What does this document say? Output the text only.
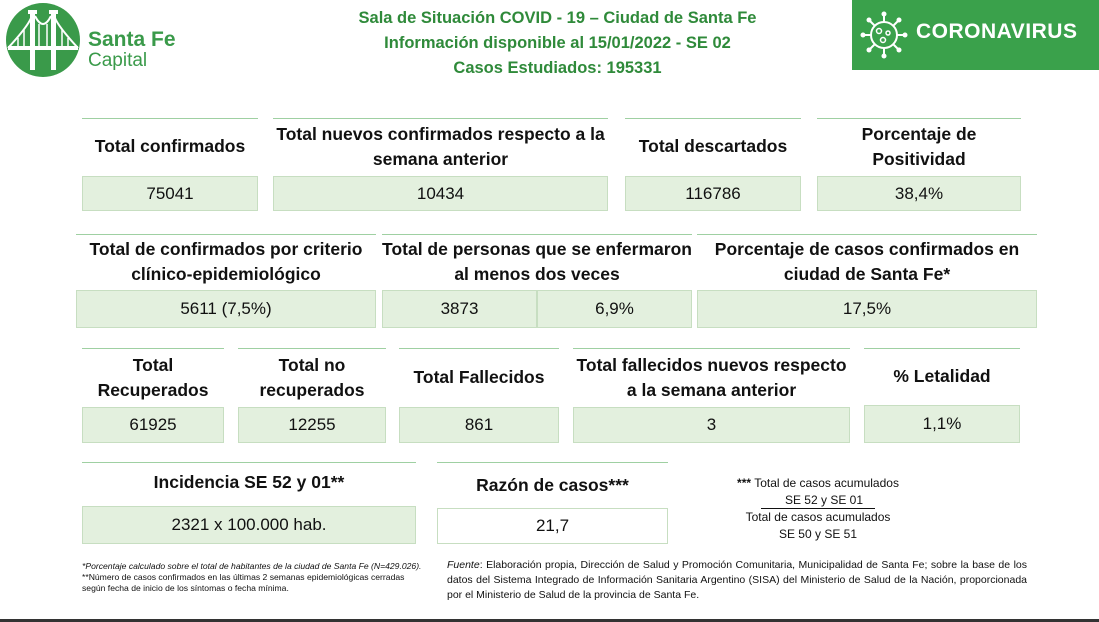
Santa Fe
Capital
Sala de Situación COVID - 19 – Ciudad de Santa Fe
Información disponible al 15/01/2022 - SE 02
Casos Estudiados: 195331
CORONAVIRUS
Total confirmados
75041
Total nuevos confirmados respecto a la semana anterior
10434
Total descartados
116786
Porcentaje de Positividad
38,4%
Total de confirmados por criterio clínico-epidemiológico
5611 (7,5%)
Total de personas que se enfermaron al menos dos veces
3873	6,9%
Porcentaje de casos confirmados en ciudad de Santa Fe*
17,5%
Total Recuperados
61925
Total no recuperados
12255
Total Fallecidos
861
Total fallecidos nuevos respecto a la semana anterior
3
% Letalidad
1,1%
Incidencia SE 52 y 01**
2321 x 100.000 hab.
Razón de casos***
21,7
*** Total de casos acumulados
SE 52 y SE 01
Total de casos acumulados
SE 50 y SE 51
*Porcentaje calculado sobre el total de habitantes de la ciudad de Santa Fe (N=429.026).
**Número de casos confirmados en las últimas 2 semanas epidemiológicas cerradas según fecha de inicio de los síntomas o fecha mínima.
Fuente: Elaboración propia, Dirección de Salud y Promoción Comunitaria, Municipalidad de Santa Fe; sobre la base de los datos del Sistema Integrado de Información Sanitaria Argentino (SISA) del Ministerio de Salud de la Nación, proporcionada por el Ministerio de Salud de la provincia de Santa Fe.
